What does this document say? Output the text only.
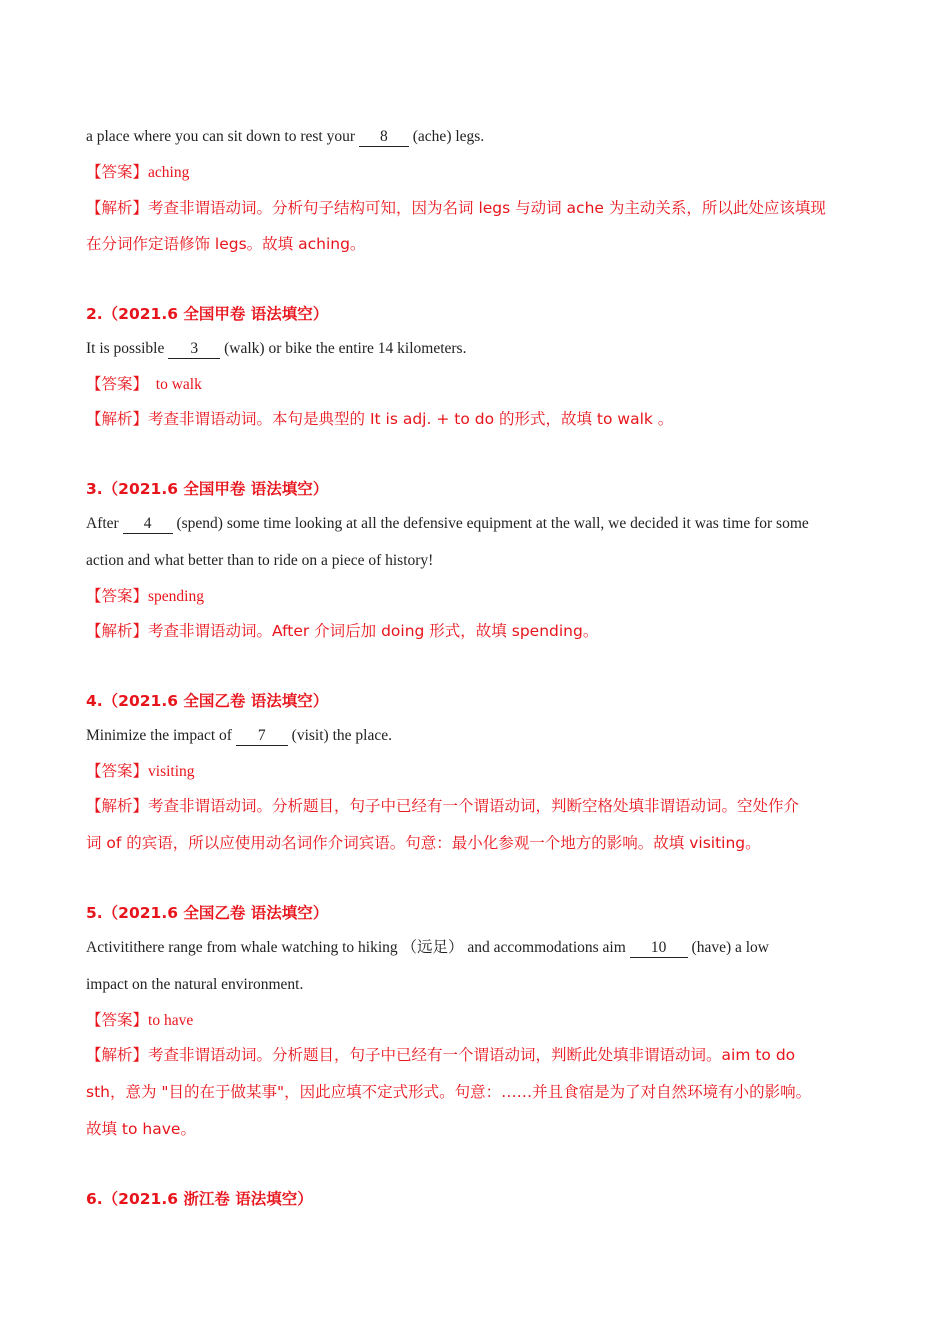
a place where you can sit down to rest your 8 (ache) legs.
【答案】aching
【解析】考查非谓语动词。分析句子结构可知，因为名词 legs 与动词 ache 为主动关系，所以此处应该填现
在分词作定语修饰 legs。故填 aching。
2.（2021.6 全国甲卷 语法填空）
It is possible 3 (walk) or bike the entire 14 kilometers.
【答案】  to walk
【解析】考查非谓语动词。本句是典型的 It is adj. + to do 的形式，故填 to walk 。
3.（2021.6 全国甲卷 语法填空）
After 4 (spend) some time looking at all the defensive equipment at the wall, we decided it was time for some
action and what better than to ride on a piece of history!
【答案】spending
【解析】考查非谓语动词。After 介词后加 doing 形式，故填 spending。
4.（2021.6 全国乙卷 语法填空）
Minimize the impact of 7 (visit) the place.
【答案】visiting
【解析】考查非谓语动词。分析题目，句子中已经有一个谓语动词，判断空格处填非谓语动词。空处作介
词 of 的宾语，所以应使用动名词作介词宾语。句意：最小化参观一个地方的影响。故填 visiting。
5.（2021.6 全国乙卷 语法填空）
Activitithere range from whale watching to hiking （远足） and accommodations aim 10 (have) a low
impact on the natural environment.
【答案】to have
【解析】考查非谓语动词。分析题目，句子中已经有一个谓语动词，判断此处填非谓语动词。aim to do
sth，意为 "目的在于做某事"，因此应填不定式形式。句意：……并且食宿是为了对自然环境有小的影响。
故填 to have。
6.（2021.6 浙江卷 语法填空）
